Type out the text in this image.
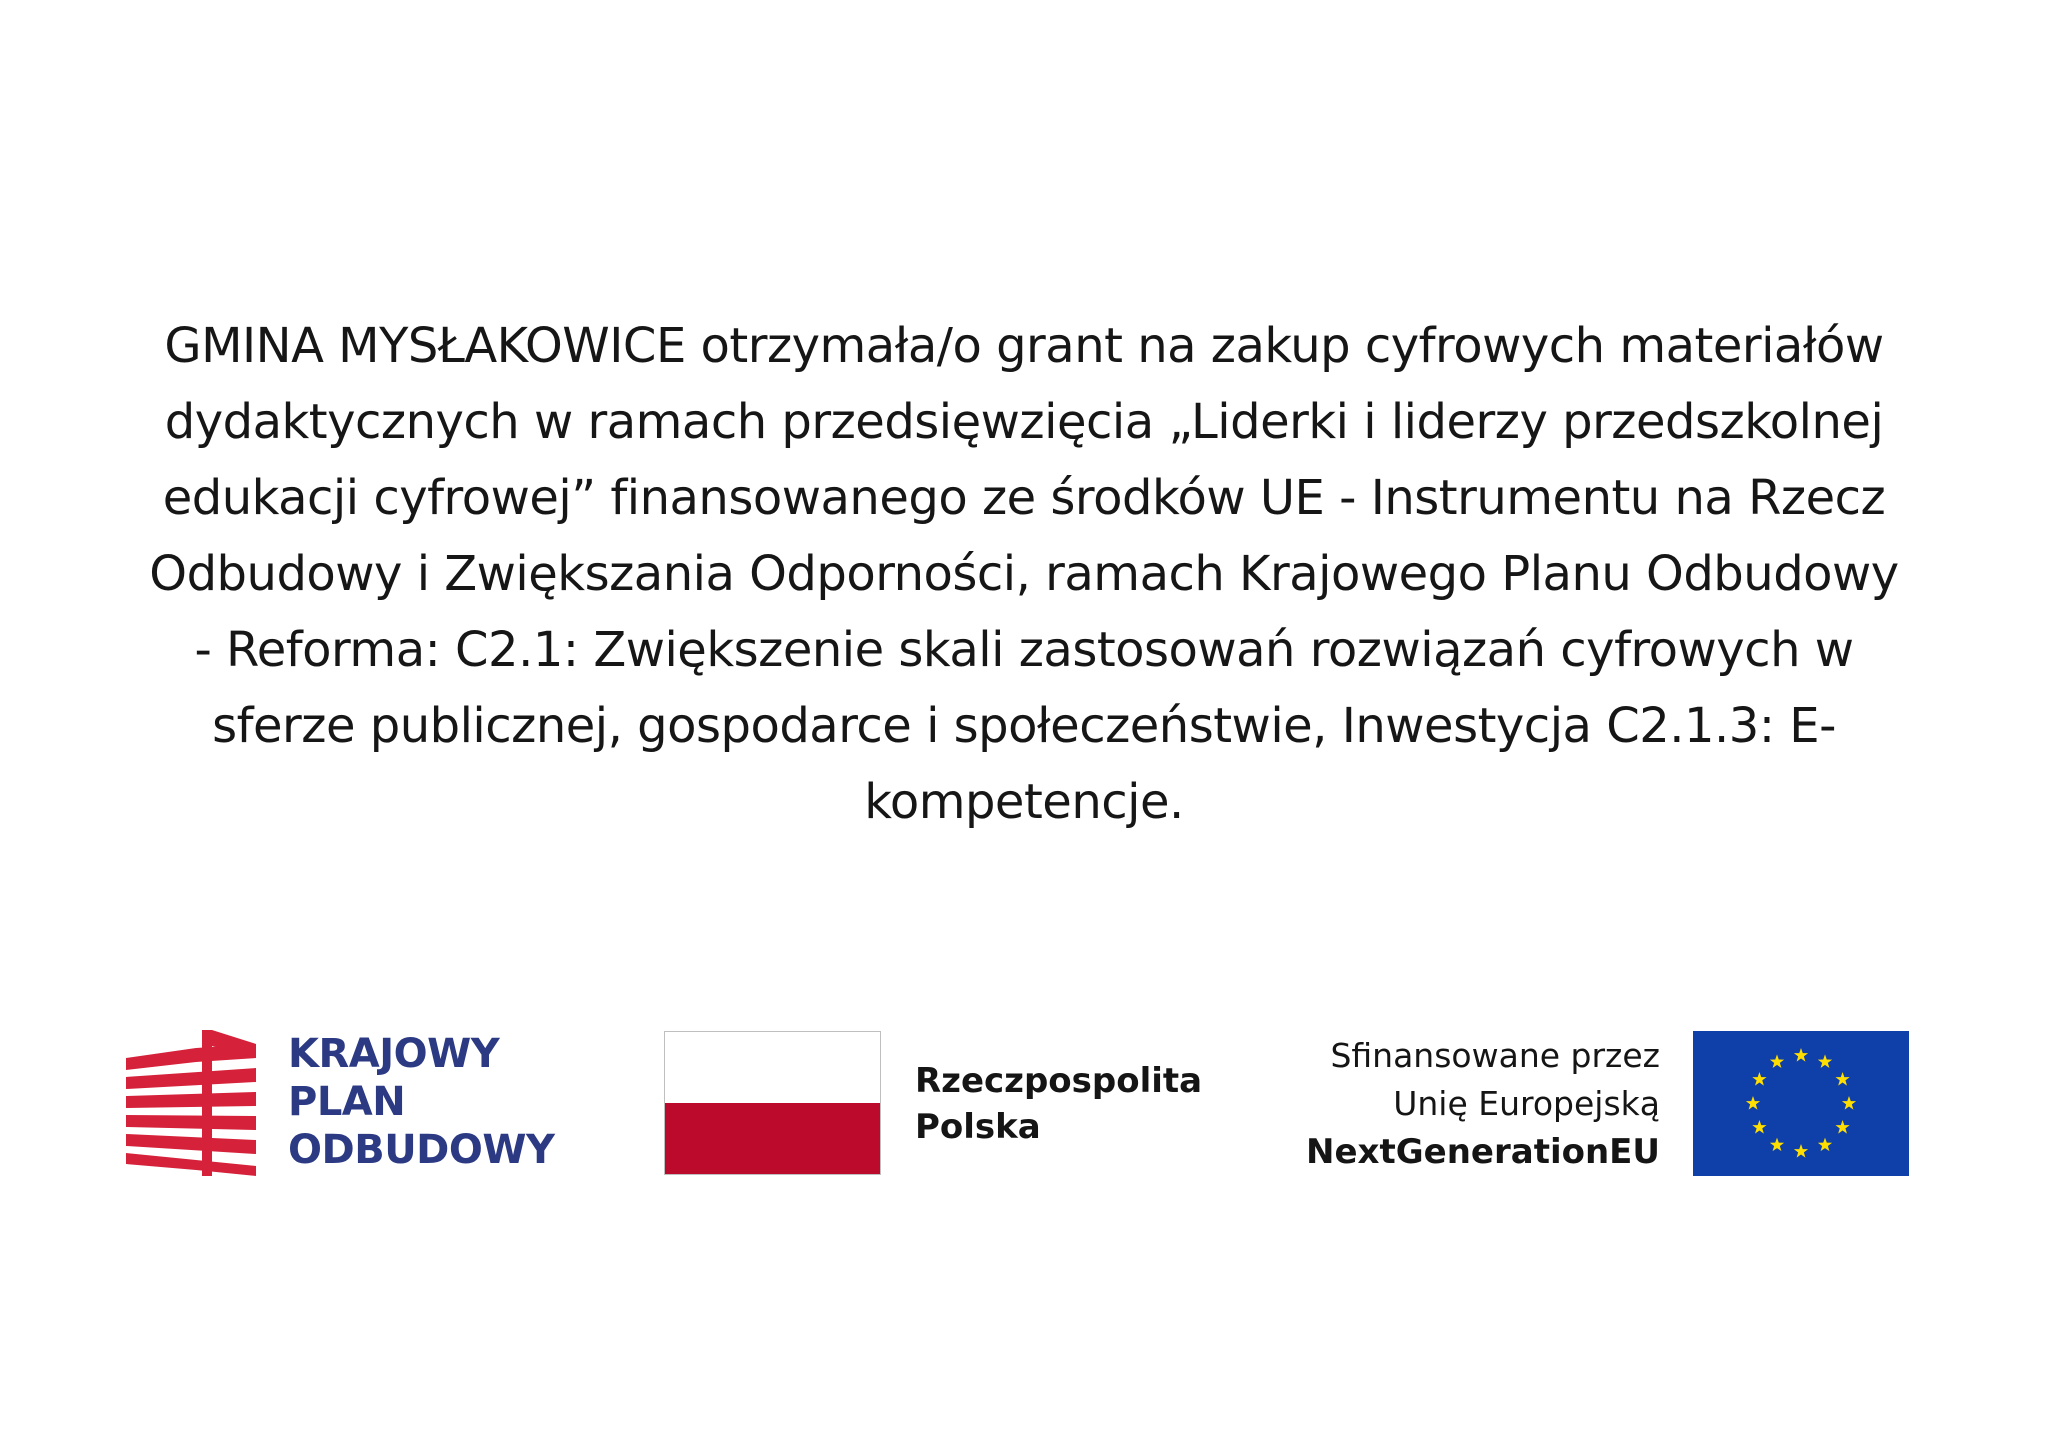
GMINA MYSŁAKOWICE otrzymała/o grant na zakup cyfrowych materiałów
dydaktycznych w ramach przedsięwzięcia „Liderki i liderzy przedszkolnej
edukacji cyfrowej” finansowanego ze środków UE - Instrumentu na Rzecz
Odbudowy i Zwiększania Odporności, ramach Krajowego Planu Odbudowy
- Reforma: C2.1: Zwiększenie skali zastosowań rozwiązań cyfrowych w
sferze publicznej, gospodarce i społeczeństwie, Inwestycja C2.1.3: E-
kompetencje.
KRAJOWY
PLAN
ODBUDOWY
Rzeczpospolita
Polska
Sfinansowane przez
Unię Europejską
NextGenerationEU
